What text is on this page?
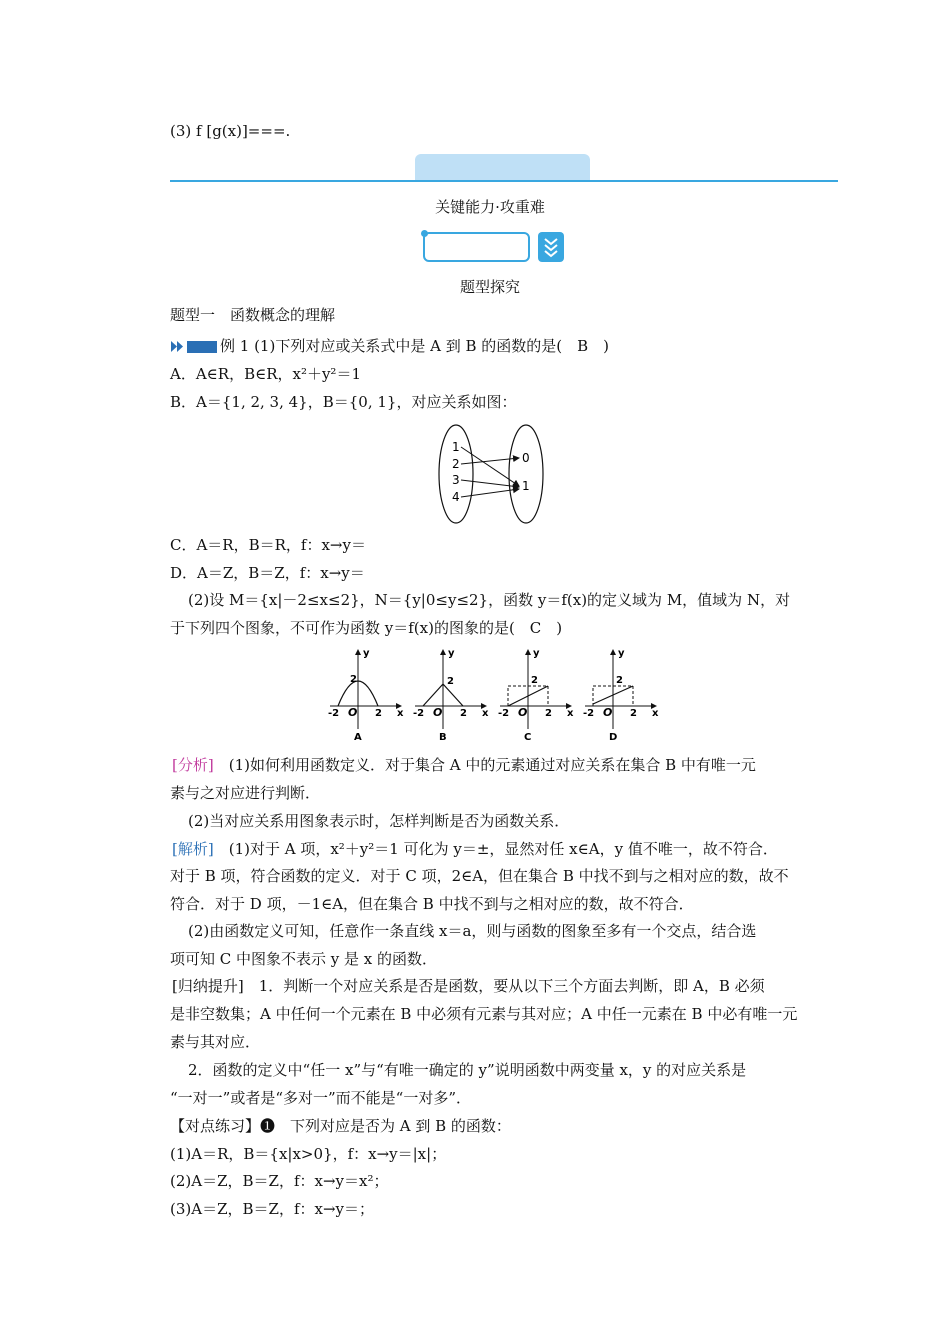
(3) f [g(x)]===.
关键能力·攻重难
题型探究
题型一　函数概念的理解
例 1 (1)下列对应或关系式中是 A 到 B 的函数的是(　B　)
A．A∈R，B∈R，x²＋y²＝1
B．A＝{1, 2, 3, 4}，B＝{0, 1}，对应关系如图：
1
2
3
4
0
1
C．A＝R，B＝R，f：x→y＝
D．A＝Z，B＝Z，f：x→y＝
(2)设 M＝{x|－2≤x≤2}，N＝{y|0≤y≤2}，函数 y＝f(x)的定义域为 M，值域为 N，对
于下列四个图象，不可作为函数 y＝f(x)的图象的是(　C　)
y
x
2
-2 O 2
A
y
x
2
-2 O 2
B
y
x
2
-2 O 2
C
y
x
2
-2 O 2
D
[分析]　(1)如何利用函数定义．对于集合 A 中的元素通过对应关系在集合 B 中有唯一元
素与之对应进行判断．
(2)当对应关系用图象表示时，怎样判断是否为函数关系．
[解析]　(1)对于 A 项，x²＋y²＝1 可化为 y＝±，显然对任 x∈A，y 值不唯一，故不符合．
对于 B 项，符合函数的定义．对于 C 项，2∈A，但在集合 B 中找不到与之相对应的数，故不
符合．对于 D 项，－1∈A，但在集合 B 中找不到与之相对应的数，故不符合．
(2)由函数定义可知，任意作一条直线 x＝a，则与函数的图象至多有一个交点，结合选
项可知 C 中图象不表示 y 是 x 的函数．
[归纳提升]　1．判断一个对应关系是否是函数，要从以下三个方面去判断，即 A，B 必须
是非空数集；A 中任何一个元素在 B 中必须有元素与其对应；A 中任一元素在 B 中必有唯一元
素与其对应．
2．函数的定义中“任一 x”与“有唯一确定的 y”说明函数中两变量 x，y 的对应关系是
“一对一”或者是“多对一”而不能是“一对多”．
【对点练习】❶　下列对应是否为 A 到 B 的函数：
(1)A＝R，B＝{x|x>0}，f：x→y＝|x|；
(2)A＝Z，B＝Z，f：x→y＝x²；
(3)A＝Z，B＝Z，f：x→y＝；
